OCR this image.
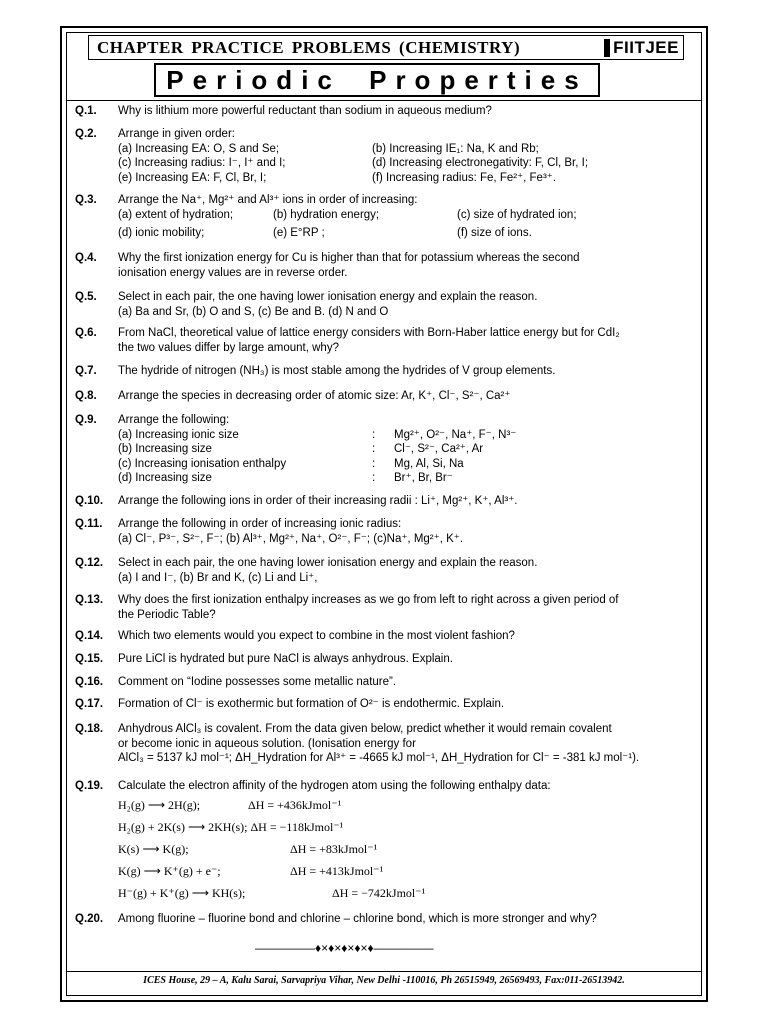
CHAPTER PRACTICE PROBLEMS (CHEMISTRY)	FIITJEE
Periodic Properties
Q.1.	Why is lithium more powerful reductant than sodium in aqueous medium?
Q.2.	Arrange in given order:
(a) Increasing EA: O, S and Se;	(b) Increasing IE₁: Na, K and Rb;
(c) Increasing radius: I⁻, I⁺ and I;	(d) Increasing electronegativity: F, Cl, Br, I;
(e) Increasing EA: F, Cl, Br, I;	(f) Increasing radius: Fe, Fe²⁺, Fe³⁺.
Q.3.	Arrange the Na⁺, Mg²⁺ and Al³⁺ ions in order of increasing:
(a) extent of hydration;	(b) hydration energy;	(c) size of hydrated ion;
(d) ionic mobility;	(e) E°RP ;	(f) size of ions.
Q.4.	Why the first ionization energy for Cu is higher than that for potassium whereas the second
ionisation energy values are in reverse order.
Q.5.	Select in each pair, the one having lower ionisation energy and explain the reason.
(a) Ba and Sr, (b) O and S, (c) Be and B. (d) N and O
Q.6.	From NaCl, theoretical value of lattice energy considers with Born-Haber lattice energy but for CdI₂
the two values differ by large amount, why?
Q.7.	The hydride of nitrogen (NH₃) is most stable among the hydrides of V group elements.
Q.8.	Arrange the species in decreasing order of atomic size: Ar, K⁺, Cl⁻, S²⁻, Ca²⁺
Q.9.	Arrange the following:
(a) Increasing ionic size	: Mg²⁺, O²⁻, Na⁺, F⁻, N³⁻
(b) Increasing size	: Cl⁻, S²⁻, Ca²⁺, Ar
(c) Increasing ionisation enthalpy	: Mg, Al, Si, Na
(d) Increasing size	: Br⁺, Br, Br⁻
Q.10.	Arrange the following ions in order of their increasing radii : Li⁺, Mg²⁺, K⁺, Al³⁺.
Q.11.	Arrange the following in order of increasing ionic radius:
(a) Cl⁻, P³⁻, S²⁻, F⁻; (b) Al³⁺, Mg²⁺, Na⁺, O²⁻, F⁻; (c)Na⁺, Mg²⁺, K⁺.
Q.12.	Select in each pair, the one having lower ionisation energy and explain the reason.
(a) I and I⁻, (b) Br and K, (c) Li and Li⁺,
Q.13.	Why does the first ionization enthalpy increases as we go from left to right across a given period of
the Periodic Table?
Q.14.	Which two elements would you expect to combine in the most violent fashion?
Q.15.	Pure LiCl is hydrated but pure NaCl is always anhydrous. Explain.
Q.16.	Comment on “Iodine possesses some metallic nature”.
Q.17.	Formation of Cl⁻ is exothermic but formation of O²⁻ is endothermic. Explain.
Q.18.	Anhydrous AlCl₃ is covalent. From the data given below, predict whether it would remain covalent
or become ionic in aqueous solution. (Ionisation energy for
AlCl₃ = 5137 kJ mol⁻¹; ΔH_Hydration for Al³⁺ = -4665 kJ mol⁻¹, ΔH_Hydration for Cl⁻ = -381 kJ mol⁻¹).
Q.19.	Calculate the electron affinity of the hydrogen atom using the following enthalpy data:
H₂(g) ⟶ 2H(g);	ΔH = +436kJmol⁻¹
H₂(g) + 2K(s) ⟶ 2KH(s); ΔH = −118kJmol⁻¹
K(s) ⟶ K(g);	ΔH = +83kJmol⁻¹
K(g) ⟶ K⁺(g) + e⁻;	ΔH = +413kJmol⁻¹
H⁻(g) + K⁺(g) ⟶ KH(s);	ΔH = −742kJmol⁻¹
Q.20.	Among fluorine – fluorine bond and chlorine – chlorine bond, which is more stronger and why?
—————♦×♦×♦×♦×♦—————
ICES House, 29 – A, Kalu Sarai, Sarvapriya Vihar, New Delhi -110016, Ph 26515949, 26569493, Fax:011-26513942.
